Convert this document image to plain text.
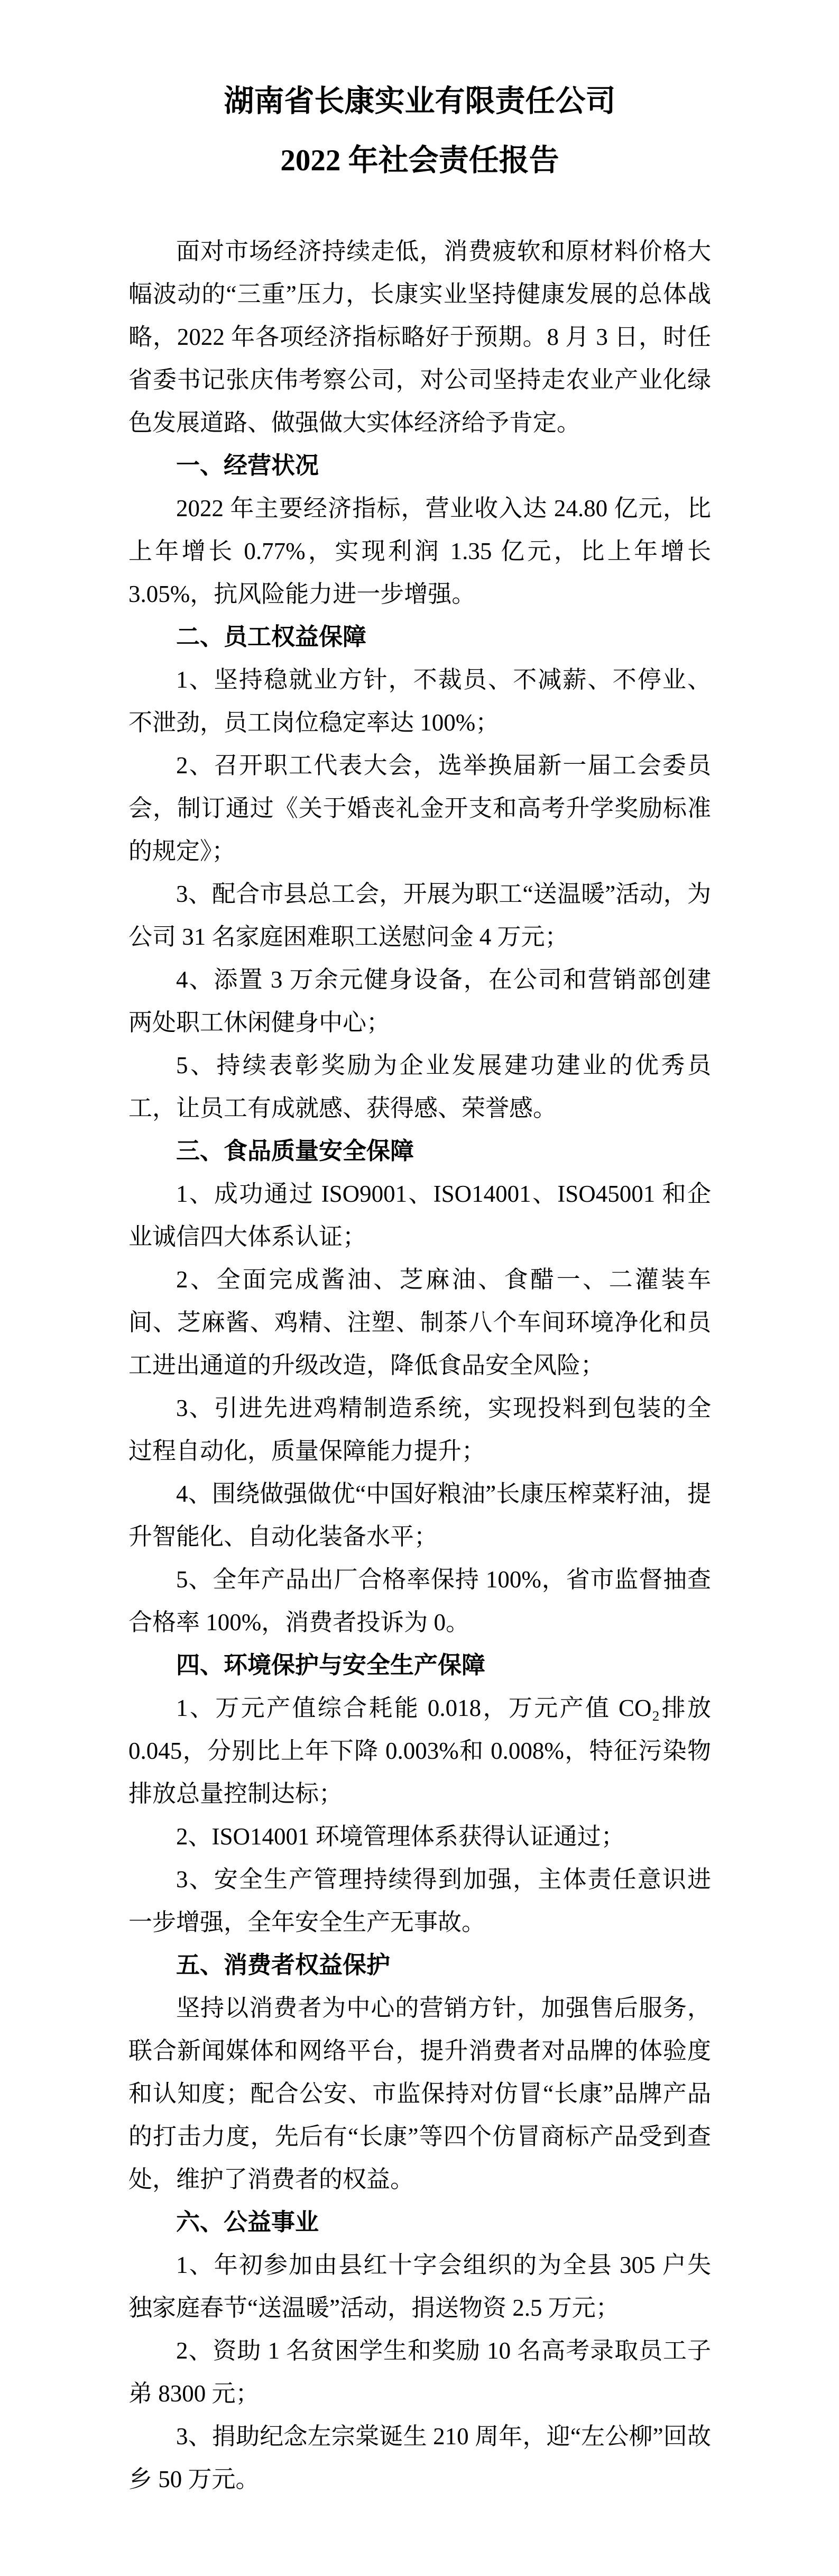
湖南省长康实业有限责任公司

2022 年社会责任报告

面对市场经济持续走低，消费疲软和原材料价格大幅波动的“三重”压力，长康实业坚持健康发展的总体战略，2022 年各项经济指标略好于预期。8 月 3 日，时任省委书记张庆伟考察公司，对公司坚持走农业产业化绿色发展道路、做强做大实体经济给予肯定。

一、经营状况

2022 年主要经济指标，营业收入达 24.80 亿元，比上年增长 0.77%，实现利润 1.35 亿元，比上年增长 3.05%，抗风险能力进一步增强。

二、员工权益保障

1、坚持稳就业方针，不裁员、不减薪、不停业、不泄劲，员工岗位稳定率达 100%；

2、召开职工代表大会，选举换届新一届工会委员会，制订通过《关于婚丧礼金开支和高考升学奖励标准的规定》；

3、配合市县总工会，开展为职工“送温暖”活动，为公司 31 名家庭困难职工送慰问金 4 万元；

4、添置 3 万余元健身设备，在公司和营销部创建两处职工休闲健身中心；

5、持续表彰奖励为企业发展建功建业的优秀员工，让员工有成就感、获得感、荣誉感。

三、食品质量安全保障

1、成功通过 ISO9001、ISO14001、ISO45001 和企业诚信四大体系认证；

2、全面完成酱油、芝麻油、食醋一、二灌装车间、芝麻酱、鸡精、注塑、制茶八个车间环境净化和员工进出通道的升级改造，降低食品安全风险；

3、引进先进鸡精制造系统，实现投料到包装的全过程自动化，质量保障能力提升；

4、围绕做强做优“中国好粮油”长康压榨菜籽油，提升智能化、自动化装备水平；

5、全年产品出厂合格率保持 100%，省市监督抽查合格率 100%，消费者投诉为 0。

四、环境保护与安全生产保障

1、万元产值综合耗能 0.018，万元产值 CO₂排放 0.045，分别比上年下降 0.003%和 0.008%，特征污染物排放总量控制达标；

2、ISO14001 环境管理体系获得认证通过；

3、安全生产管理持续得到加强，主体责任意识进一步增强，全年安全生产无事故。

五、消费者权益保护

坚持以消费者为中心的营销方针，加强售后服务，联合新闻媒体和网络平台，提升消费者对品牌的体验度和认知度；配合公安、市监保持对仿冒“长康”品牌产品的打击力度，先后有“长康”等四个仿冒商标产品受到查处，维护了消费者的权益。

六、公益事业

1、年初参加由县红十字会组织的为全县 305 户失独家庭春节“送温暖”活动，捐送物资 2.5 万元；

2、资助 1 名贫困学生和奖励 10 名高考录取员工子弟 8300 元；

3、捐助纪念左宗棠诞生 210 周年，迎“左公柳”回故乡 50 万元。
